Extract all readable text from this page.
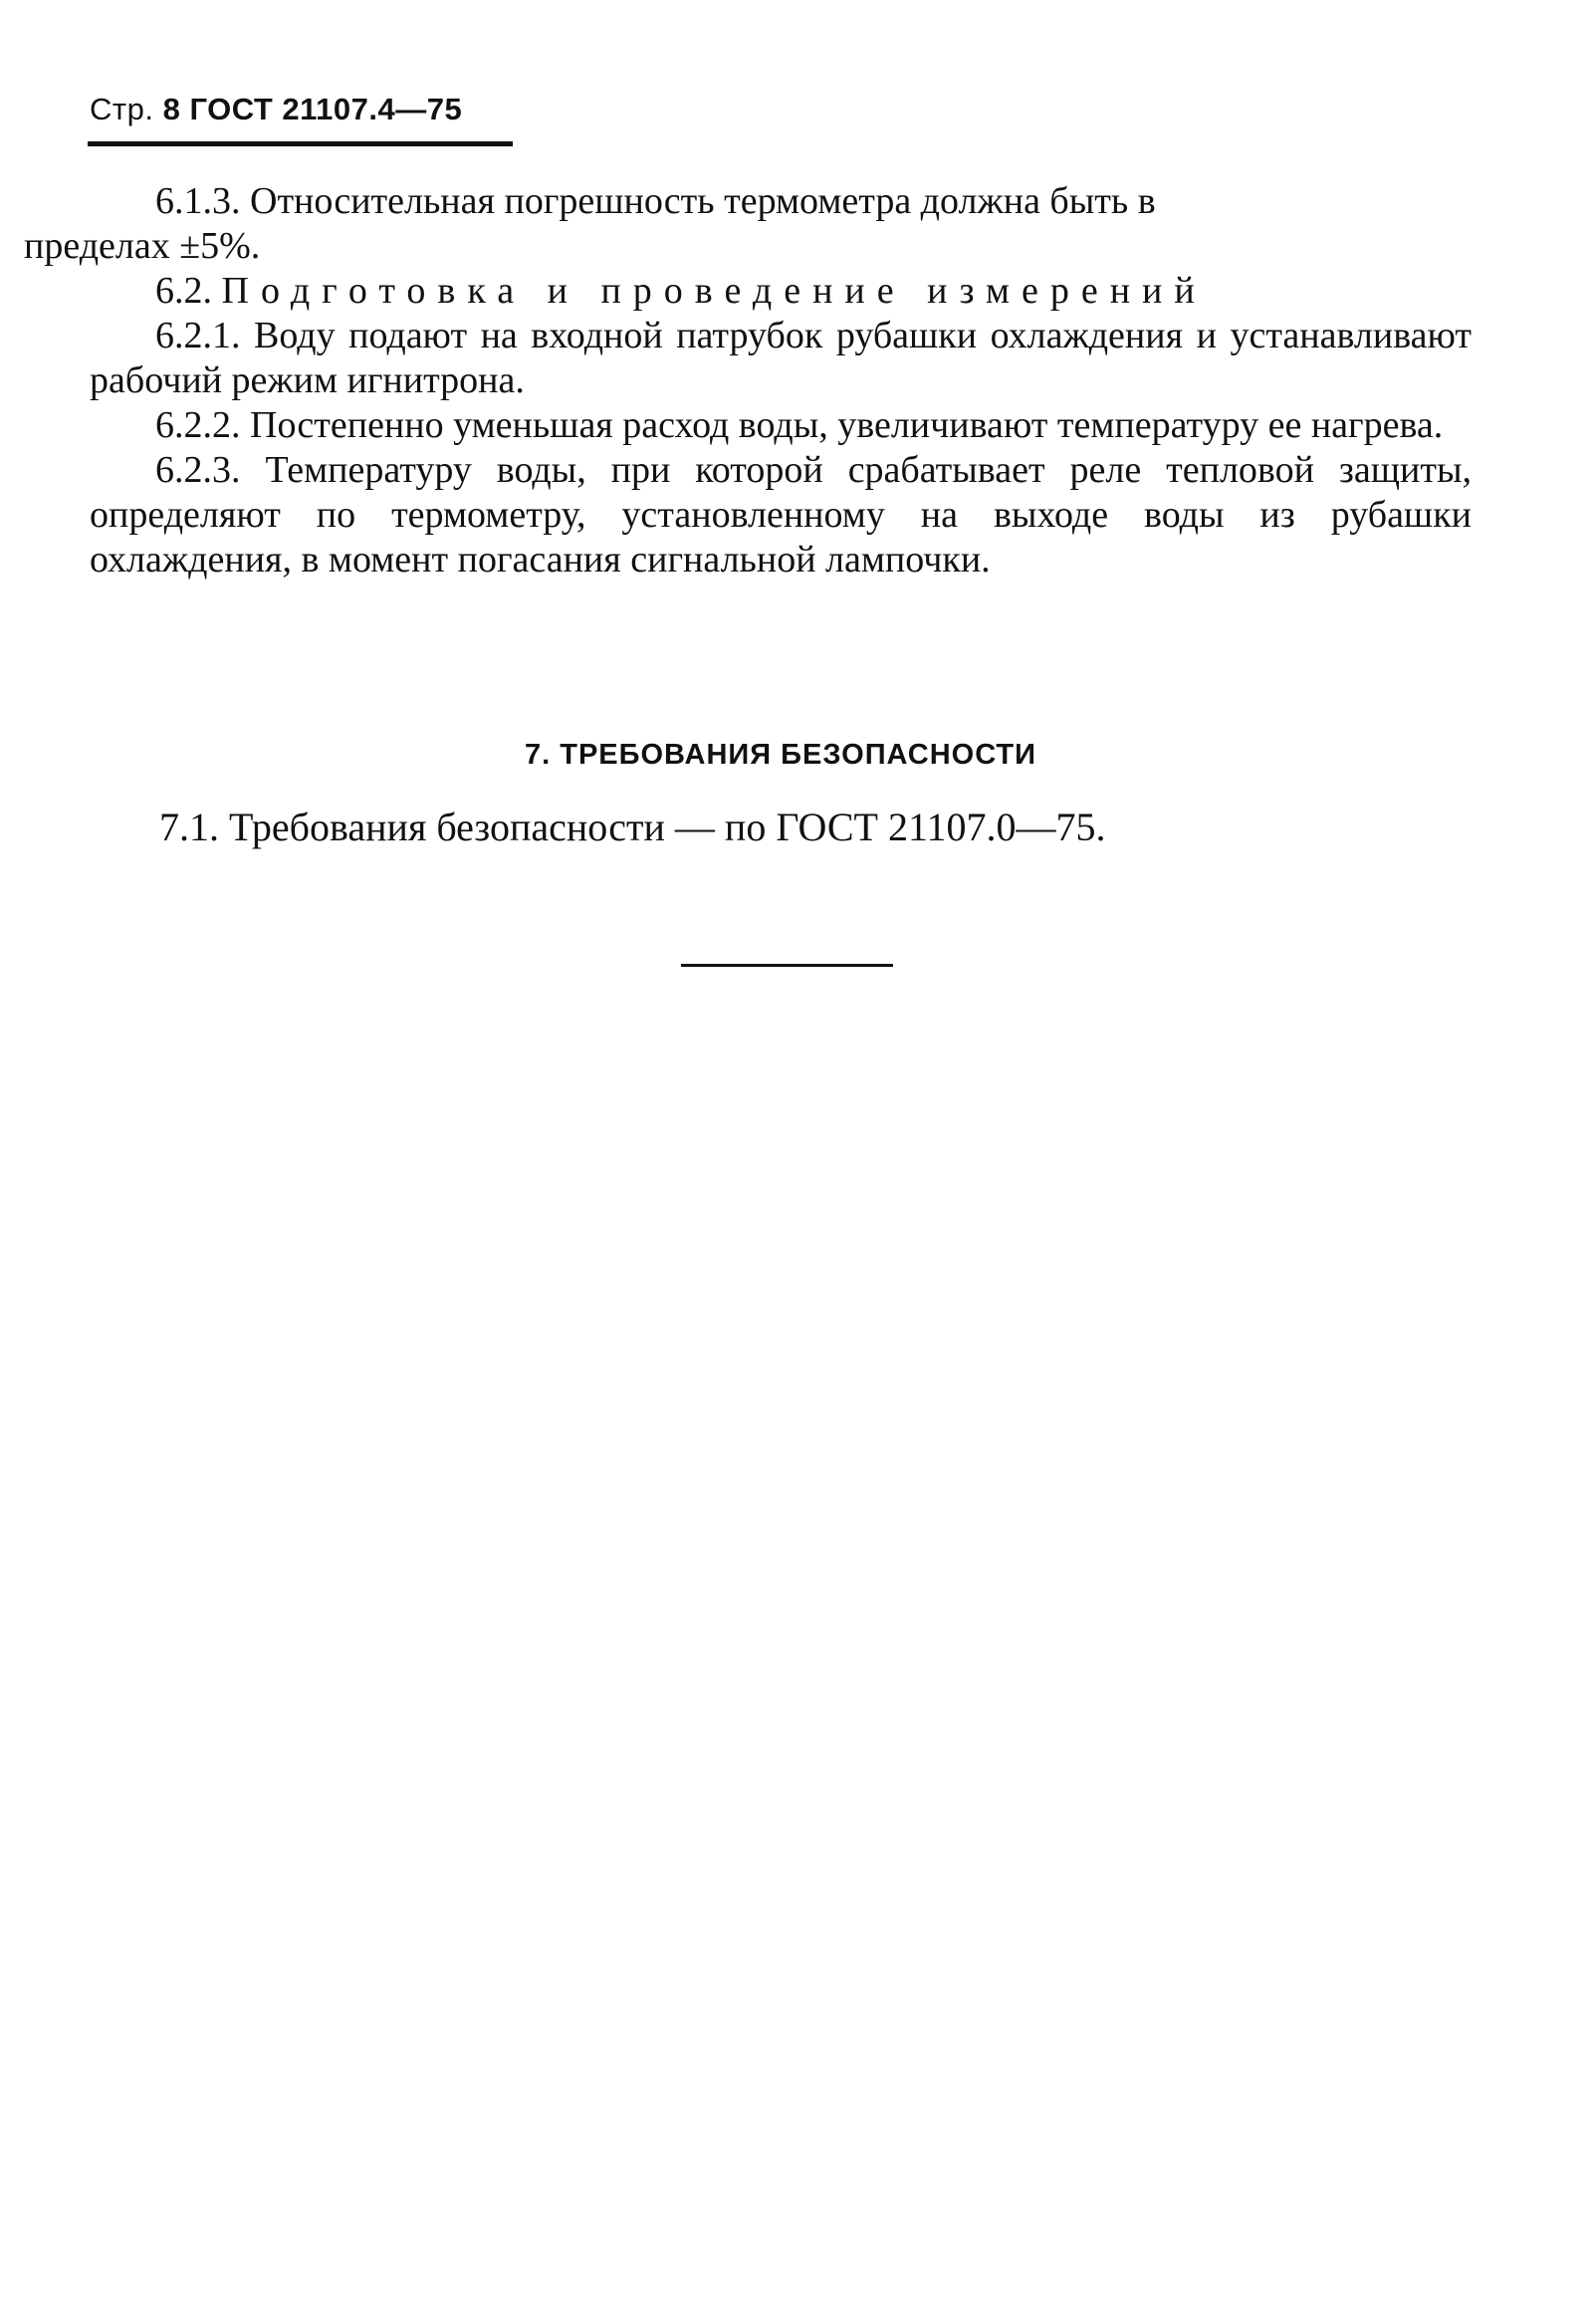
Стр. 8 ГОСТ 21107.4—75

6.1.3. Относительная погрешность термометра должна быть в
пределах ±5%.

6.2. Подготовка и проведение измерений

6.2.1. Воду подают на входной патрубок рубашки охлаждения и устанавливают рабочий режим игнитрона.

6.2.2. Постепенно уменьшая расход воды, увеличивают температуру ее нагрева.

6.2.3. Температуру воды, при которой срабатывает реле тепловой защиты, определяют по термометру, установленному на выходе воды из рубашки охлаждения, в момент погасания сигнальной лампочки.

7. ТРЕБОВАНИЯ БЕЗОПАСНОСТИ

7.1. Требования безопасности — по ГОСТ 21107.0—75.
